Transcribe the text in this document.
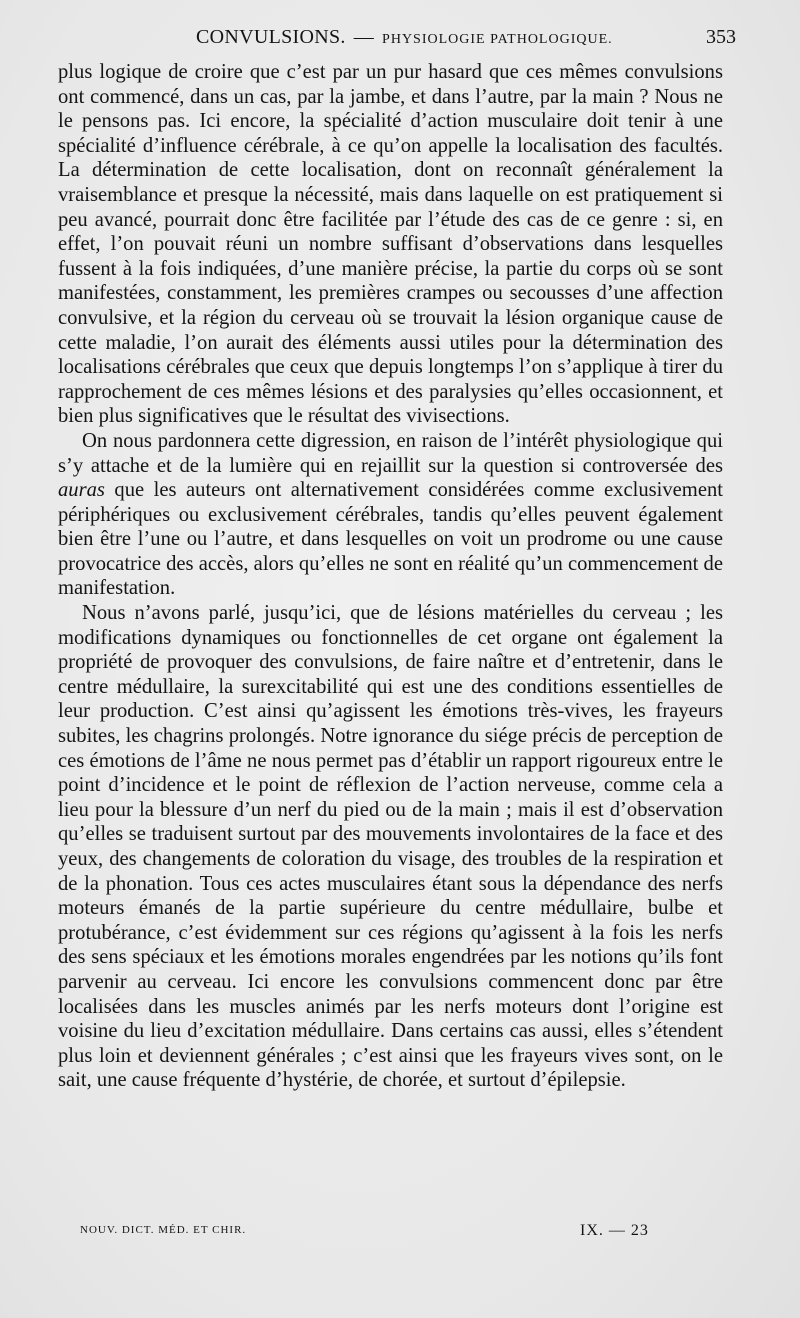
CONVULSIONS. — PHYSIOLOGIE PATHOLOGIQUE.	353

plus logique de croire que c’est par un pur hasard que ces mêmes convulsions ont commencé, dans un cas, par la jambe, et dans l’autre, par la main ? Nous ne le pensons pas. Ici encore, la spécialité d’action musculaire doit tenir à une spécialité d’influence cérébrale, à ce qu’on appelle la localisation des facultés. La détermination de cette localisation, dont on reconnaît généralement la vraisemblance et presque la nécessité, mais dans laquelle on est pratiquement si peu avancé, pourrait donc être facilitée par l’étude des cas de ce genre : si, en effet, l’on pouvait réuni un nombre suffisant d’observations dans lesquelles fussent à la fois indiquées, d’une manière précise, la partie du corps où se sont manifestées, constamment, les premières crampes ou secousses d’une affection convulsive, et la région du cerveau où se trouvait la lésion organique cause de cette maladie, l’on aurait des éléments aussi utiles pour la détermination des localisations cérébrales que ceux que depuis longtemps l’on s’applique à tirer du rapprochement de ces mêmes lésions et des paralysies qu’elles occasionnent, et bien plus significatives que le résultat des vivisections.

On nous pardonnera cette digression, en raison de l’intérêt physiologique qui s’y attache et de la lumière qui en rejaillit sur la question si controversée des auras que les auteurs ont alternativement considérées comme exclusivement périphériques ou exclusivement cérébrales, tandis qu’elles peuvent également bien être l’une ou l’autre, et dans lesquelles on voit un prodrome ou une cause provocatrice des accès, alors qu’elles ne sont en réalité qu’un commencement de manifestation.

Nous n’avons parlé, jusqu’ici, que de lésions matérielles du cerveau ; les modifications dynamiques ou fonctionnelles de cet organe ont également la propriété de provoquer des convulsions, de faire naître et d’entretenir, dans le centre médullaire, la surexcitabilité qui est une des conditions essentielles de leur production. C’est ainsi qu’agissent les émotions très-vives, les frayeurs subites, les chagrins prolongés. Notre ignorance du siége précis de perception de ces émotions de l’âme ne nous permet pas d’établir un rapport rigoureux entre le point d’incidence et le point de réflexion de l’action nerveuse, comme cela a lieu pour la blessure d’un nerf du pied ou de la main ; mais il est d’observation qu’elles se traduisent surtout par des mouvements involontaires de la face et des yeux, des changements de coloration du visage, des troubles de la respiration et de la phonation. Tous ces actes musculaires étant sous la dépendance des nerfs moteurs émanés de la partie supérieure du centre médullaire, bulbe et protubérance, c’est évidemment sur ces régions qu’agissent à la fois les nerfs des sens spéciaux et les émotions morales engendrées par les notions qu’ils font parvenir au cerveau. Ici encore les convulsions commencent donc par être localisées dans les muscles animés par les nerfs moteurs dont l’origine est voisine du lieu d’excitation médullaire. Dans certains cas aussi, elles s’étendent plus loin et deviennent générales ; c’est ainsi que les frayeurs vives sont, on le sait, une cause fréquente d’hystérie, de chorée, et surtout d’épilepsie.

NOUV. DICT. MÉD. ET CHIR.	IX. — 23
